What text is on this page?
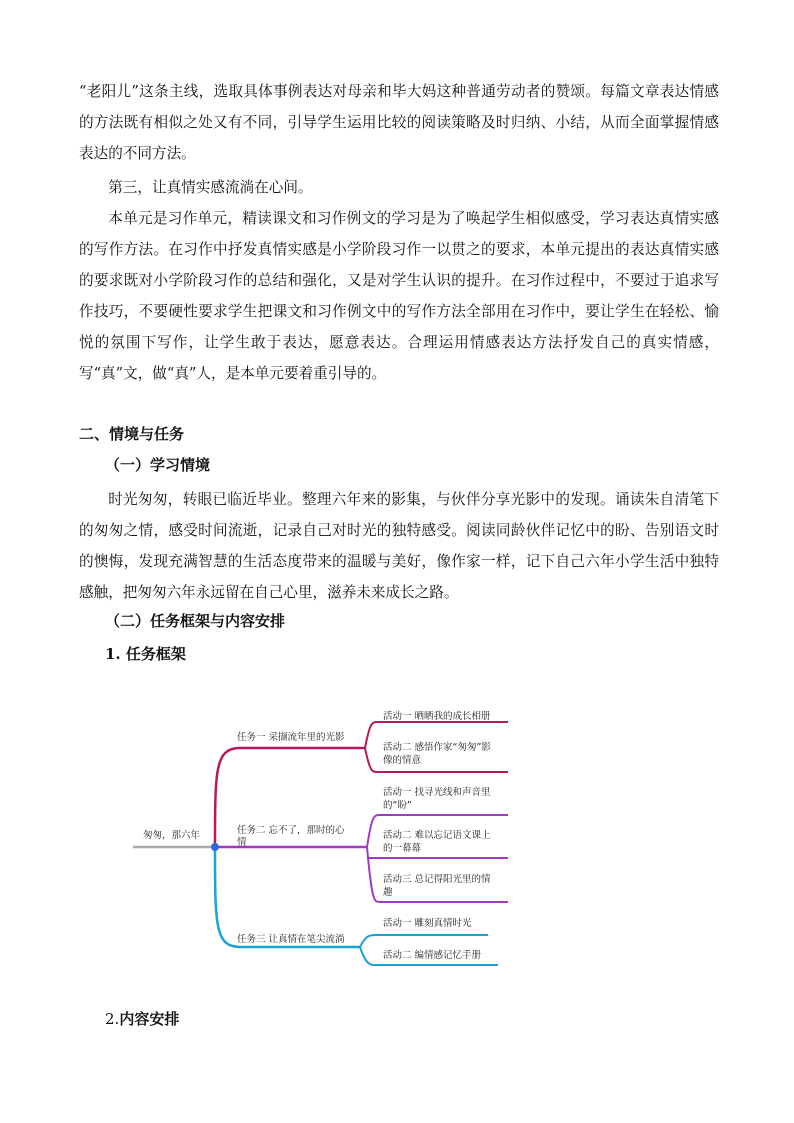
“老阳儿”这条主线，选取具体事例表达对母亲和毕大妈这种普通劳动者的赞颂。每篇文章表达情感的方法既有相似之处又有不同，引导学生运用比较的阅读策略及时归纳、小结，从而全面掌握情感表达的不同方法。

第三，让真情实感流淌在心间。

本单元是习作单元，精读课文和习作例文的学习是为了唤起学生相似感受，学习表达真情实感的写作方法。在习作中抒发真情实感是小学阶段习作一以贯之的要求，本单元提出的表达真情实感的要求既对小学阶段习作的总结和强化，又是对学生认识的提升。在习作过程中，不要过于追求写作技巧，不要硬性要求学生把课文和习作例文中的写作方法全部用在习作中，要让学生在轻松、愉悦的氛围下写作，让学生敢于表达，愿意表达。合理运用情感表达方法抒发自己的真实情感，写“真”文，做“真”人，是本单元要着重引导的。

二、情境与任务
（一）学习情境

时光匆匆，转眼已临近毕业。整理六年来的影集，与伙伴分享光影中的发现。诵读朱自清笔下的匆匆之情，感受时间流逝，记录自己对时光的独特感受。阅读同龄伙伴记忆中的盼、告别语文时的懊悔，发现充满智慧的生活态度带来的温暖与美好，像作家一样，记下自己六年小学生活中独特感触，把匆匆六年永远留在自己心里，滋养未来成长之路。

（二）任务框架与内容安排
1. 任务框架
匆匆，那六年
任务一 采撷流年里的光影
活动一 晒晒我的成长相册
活动二 感悟作家“匆匆”影
像的情意
任务二 忘不了，那时的心
情
活动一 找寻光线和声音里
的“盼”
活动二 难以忘记语文课上
的一幕幕
活动三 总记得阳光里的情
趣
任务三 让真情在笔尖流淌
活动一 雕刻真情时光
活动二 编情感记忆手册
2.内容安排
